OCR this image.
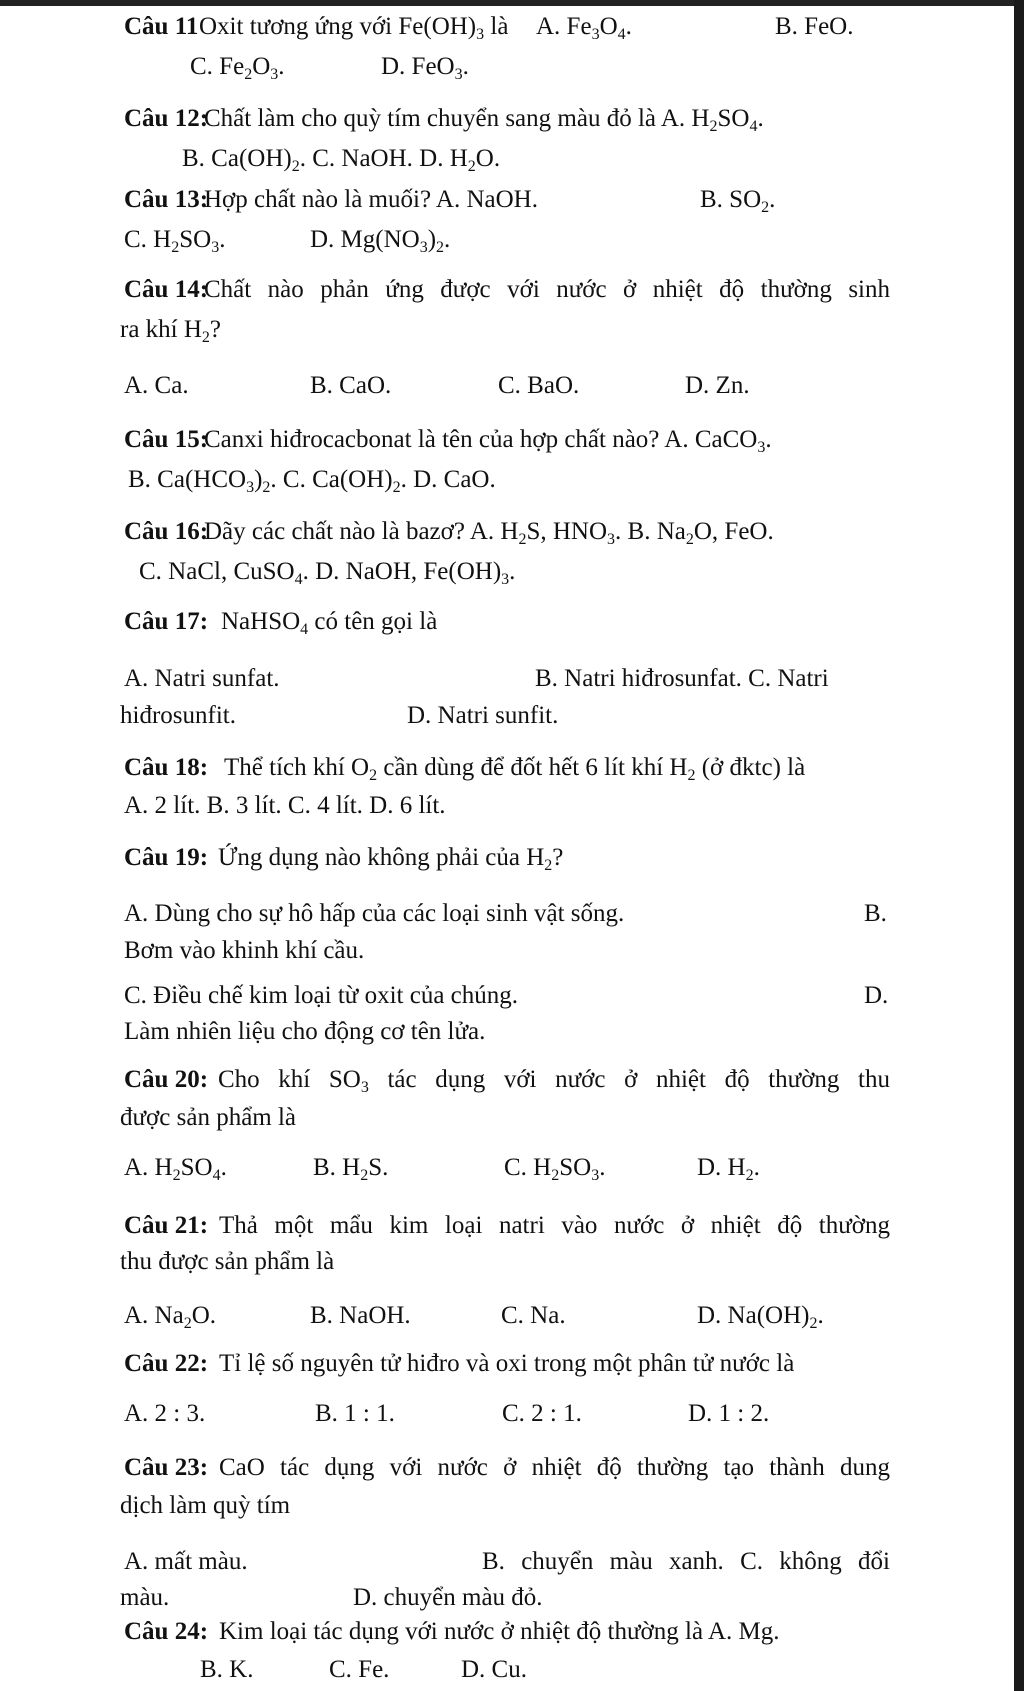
Câu 11 Oxit tương ứng với $Fe(OH)_3$ là A. $Fe_3O_4$.	B. FeO.
C. $Fe_2O_3$.	D. FeO$_3$.
Câu 12:
Chất làm cho quỳ tím chuyển sang màu đỏ là A. $H_2SO_4$.
B. $Ca(OH)_2$. C. NaOH. D. $H_2O$.
Câu 13:
Hợp chất nào là muối? A. NaOH.	B. $SO_2$.
C. $H_2SO_3$.	D. $Mg(NO_3)_2$.
Câu 14:
Chất nào phản ứng được với nước ở nhiệt độ thường sinh
ra khí $H_2$?
A. Ca.	B. CaO.	C. BaO.	D. Zn.
Câu 15:
Canxi hiđrocacbonat là tên của hợp chất nào? A. CaCO$_3$.
B. $Ca(HCO_3)_2$. C. $Ca(OH)_2$. D. CaO.
Câu 16:
Dãy các chất nào là bazơ? A. $H_2S$, $HNO_3$. B. $Na_2O$, FeO.
C. NaCl, CuSO$_4$. D. NaOH, $Fe(OH)_3$.
Câu 17: NaHSO$_4$ có tên gọi là
A. Natri sunfat.	B. Natri hiđrosunfat. C. Natri
hiđrosunfit.	D. Natri sunfit.
Câu 18: Thể tích khí $O_2$ cần dùng để đốt hết 6 lít khí $H_2$ (ở đktc) là
A. 2 lít. B. 3 lít. C. 4 lít. D. 6 lít.
Câu 19: Ứng dụng nào không phải của $H_2$?
A. Dùng cho sự hô hấp của các loại sinh vật sống.	B.
Bơm vào khinh khí cầu.
C. Điều chế kim loại từ oxit của chúng.	D.
Làm nhiên liệu cho động cơ tên lửa.
Câu 20: Cho khí $SO_3$ tác dụng với nước ở nhiệt độ thường thu
được sản phẩm là
A. $H_2SO_4$.	B. $H_2S$.	C. $H_2SO_3$.	D. $H_2$.
Câu 21: Thả một mẩu kim loại natri vào nước ở nhiệt độ thường
thu được sản phẩm là
A. $Na_2O$.	B. NaOH.	C. Na.	D. $Na(OH)_2$.
Câu 22: Tỉ lệ số nguyên tử hiđro và oxi trong một phân tử nước là
A. 2 : 3.	B. 1 : 1.	C. 2 : 1.	D. 1 : 2.
Câu 23: CaO tác dụng với nước ở nhiệt độ thường tạo thành dung
dịch làm quỳ tím
A. mất màu.	B. chuyển màu xanh. C. không đổi
màu.	D. chuyển màu đỏ.
Câu 24: Kim loại tác dụng với nước ở nhiệt độ thường là A. Mg.
B. K.	C. Fe.	D. Cu.
